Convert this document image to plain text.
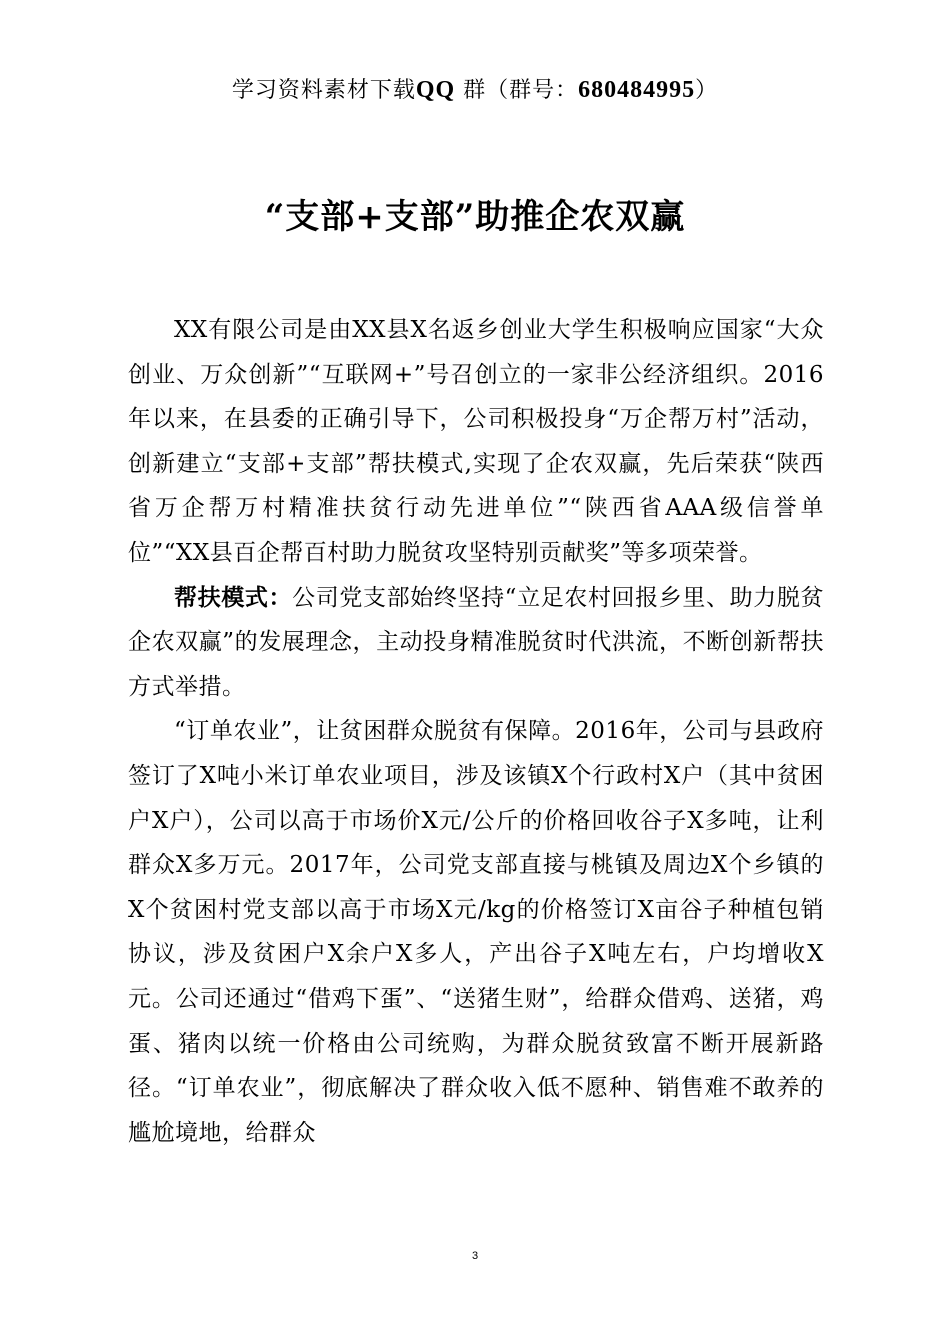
学习资料素材下载QQ 群（群号：680484995）
“支部+支部”助推企农双赢

XX有限公司是由XX县X名返乡创业大学生积极响应国家“大众创业、万众创新”“互联网+”号召创立的一家非公经济组织。2016年以来，在县委的正确引导下，公司积极投身“万企帮万村”活动，创新建立“支部+支部”帮扶模式,实现了企农双赢，先后荣获“陕西省万企帮万村精准扶贫行动先进单位”“陕西省AAA级信誉单位”“XX县百企帮百村助力脱贫攻坚特别贡献奖”等多项荣誉。

帮扶模式：公司党支部始终坚持“立足农村回报乡里、助力脱贫企农双赢”的发展理念，主动投身精准脱贫时代洪流，不断创新帮扶方式举措。

“订单农业”，让贫困群众脱贫有保障。2016年，公司与县政府签订了X吨小米订单农业项目，涉及该镇X个行政村X户（其中贫困户X户），公司以高于市场价X元/公斤的价格回收谷子X多吨，让利群众X多万元。2017年，公司党支部直接与桃镇及周边X个乡镇的X个贫困村党支部以高于市场X元/kg的价格签订X亩谷子种植包销协议，涉及贫困户X余户X多人，产出谷子X吨左右，户均增收X元。公司还通过“借鸡下蛋”、“送猪生财”，给群众借鸡、送猪，鸡蛋、猪肉以统一价格由公司统购，为群众脱贫致富不断开展新路径。“订单农业”，彻底解决了群众收入低不愿种、销售难不敢养的尴尬境地，给群众

3
